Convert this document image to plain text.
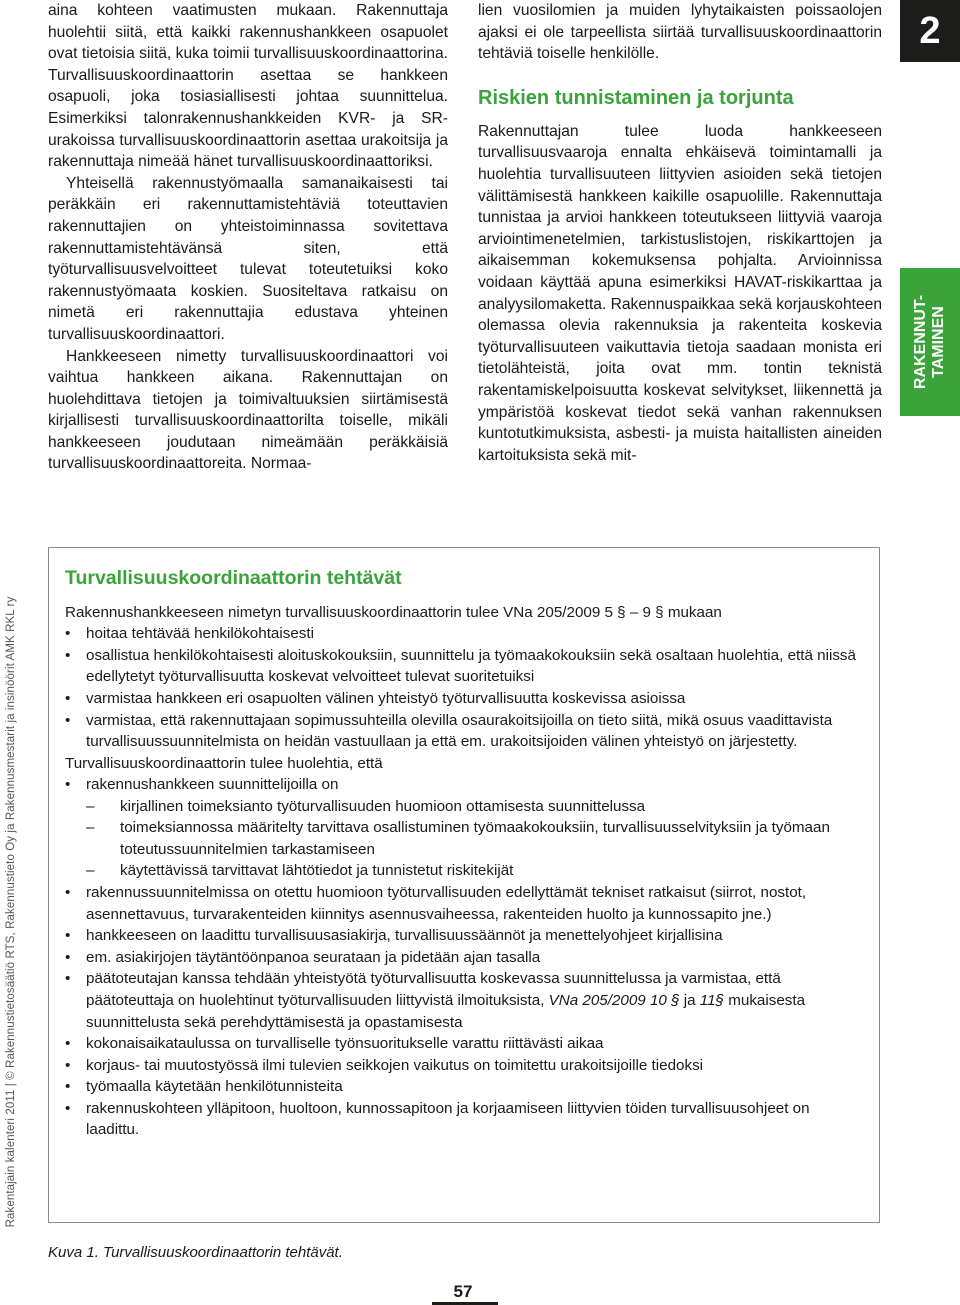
aina kohteen vaatimusten mukaan. Rakennuttaja huolehtii siitä, että kaikki rakennushankkeen osapuolet ovat tietoisia siitä, kuka toimii turvallisuuskoordinaattorina. Turvallisuuskoordinaattorin asettaa se hankkeen osapuoli, joka tosiasiallisesti johtaa suunnittelua. Esimerkiksi talonrakennushankkeiden KVR- ja SR-urakoissa turvallisuuskoordinaattorin asettaa urakoitsija ja rakennuttaja nimeää hänet turvallisuuskoordinaattoriksi.

Yhteisellä rakennustyömaalla samanaikaisesti tai peräkkäin eri rakennuttamistehtäviä toteuttavien rakennuttajien on yhteistoiminnassa sovitettava rakennuttamistehtävänsä siten, että työturvallisuusvelvoitteet tulevat toteutetuiksi koko rakennustyömaata koskien. Suositeltava ratkaisu on nimetä eri rakennuttajia edustava yhteinen turvallisuuskoordinaattori.

Hankkeeseen nimetty turvallisuuskoordinaattori voi vaihtua hankkeen aikana. Rakennuttajan on huolehdittava tietojen ja toimivaltuuksien siirtämisestä kirjallisesti turvallisuuskoordinaattorilta toiselle, mikäli hankkeeseen joudutaan nimeämään peräkkäisiä turvallisuuskoordinaattoreita. Normaa-

lien vuosilomien ja muiden lyhytaikaisten poissaolojen ajaksi ei ole tarpeellista siirtää turvallisuuskoordinaattorin tehtäviä toiselle henkilölle.

Riskien tunnistaminen ja torjunta

Rakennuttajan tulee luoda hankkeeseen turvallisuusvaaroja ennalta ehkäisevä toimintamalli ja huolehtia turvallisuuteen liittyvien asioiden sekä tietojen välittämisestä hankkeen kaikille osapuolille. Rakennuttaja tunnistaa ja arvioi hankkeen toteutukseen liittyviä vaaroja arviointimenetelmien, tarkistuslistojen, riskikarttojen ja aikaisemman kokemuksensa pohjalta. Arvioinnissa voidaan käyttää apuna esimerkiksi HAVAT-riskikarttaa ja analyysilomaketta. Rakennuspaikkaa sekä korjauskohteen olemassa olevia rakennuksia ja rakenteita koskevia työturvallisuuteen vaikuttavia tietoja saadaan monista eri tietolähteistä, joita ovat mm. tontin teknistä rakentamiskelpoisuutta koskevat selvitykset, liikennettä ja ympäristöä koskevat tiedot sekä vanhan rakennuksen kuntotutkimuksista, asbesti- ja muista haitallisten aineiden kartoituksista sekä mit-

2
RAKENNUT-
TAMINEN
Rakentajain kalenteri 2011 | © Rakennustietosäätiö RTS, Rakennustieto Oy ja Rakennusmestarit ja insinöörit AMK RKL ry
Turvallisuuskoordinaattorin tehtävät

Rakennushankkeeseen nimetyn turvallisuuskoordinaattorin tulee VNa 205/2009 5 § – 9 § mukaan

• hoitaa tehtävää henkilökohtaisesti
• osallistua henkilökohtaisesti aloituskokouksiin, suunnittelu ja työmaakokouksiin sekä osaltaan huolehtia, että niissä edellytetyt työturvallisuutta koskevat velvoitteet tulevat suoritetuiksi
• varmistaa hankkeen eri osapuolten välinen yhteistyö työturvallisuutta koskevissa asioissa
• varmistaa, että rakennuttajaan sopimussuhteilla olevilla osaurakoitsijoilla on tieto siitä, mikä osuus vaadittavista turvallisuussuunnitelmista on heidän vastuullaan ja että em. urakoitsijoiden välinen yhteistyö on järjestetty.

Turvallisuuskoordinaattorin tulee huolehtia, että

• rakennushankkeen suunnittelijoilla on
– kirjallinen toimeksianto työturvallisuuden huomioon ottamisesta suunnittelussa
– toimeksiannossa määritelty tarvittava osallistuminen työmaakokouksiin, turvallisuusselvityksiin ja työmaan toteutussuunnitelmien tarkastamiseen
– käytettävissä tarvittavat lähtötiedot ja tunnistetut riskitekijät
• rakennussuunnitelmissa on otettu huomioon työturvallisuuden edellyttämät tekniset ratkaisut (siirrot, nostot, asennettavuus, turvarakenteiden kiinnitys asennusvaiheessa, rakenteiden huolto ja kunnossapito jne.)
• hankkeeseen on laadittu turvallisuusasiakirja, turvallisuussäännöt ja menettelyohjeet kirjallisina
• em. asiakirjojen täytäntöönpanoa seurataan ja pidetään ajan tasalla
• päätoteutajan kanssa tehdään yhteistyötä työturvallisuutta koskevassa suunnittelussa ja varmistaa, että päätoteuttaja on huolehtinut työturvallisuuden liittyvistä ilmoituksista, VNa 205/2009 10 § ja 11§ mukaisesta suunnittelusta sekä perehdyttämisestä ja opastamisesta
• kokonaisaikataulussa on turvalliselle työnsuoritukselle varattu riittävästi aikaa
• korjaus- tai muutostyössä ilmi tulevien seikkojen vaikutus on toimitettu urakoitsijoille tiedoksi
• työmaalla käytetään henkilötunnisteita
• rakennuskohteen ylläpitoon, huoltoon, kunnossapitoon ja korjaamiseen liittyvien töiden turvallisuusohjeet on laadittu.
Kuva 1. Turvallisuuskoordinaattorin tehtävät.
57
